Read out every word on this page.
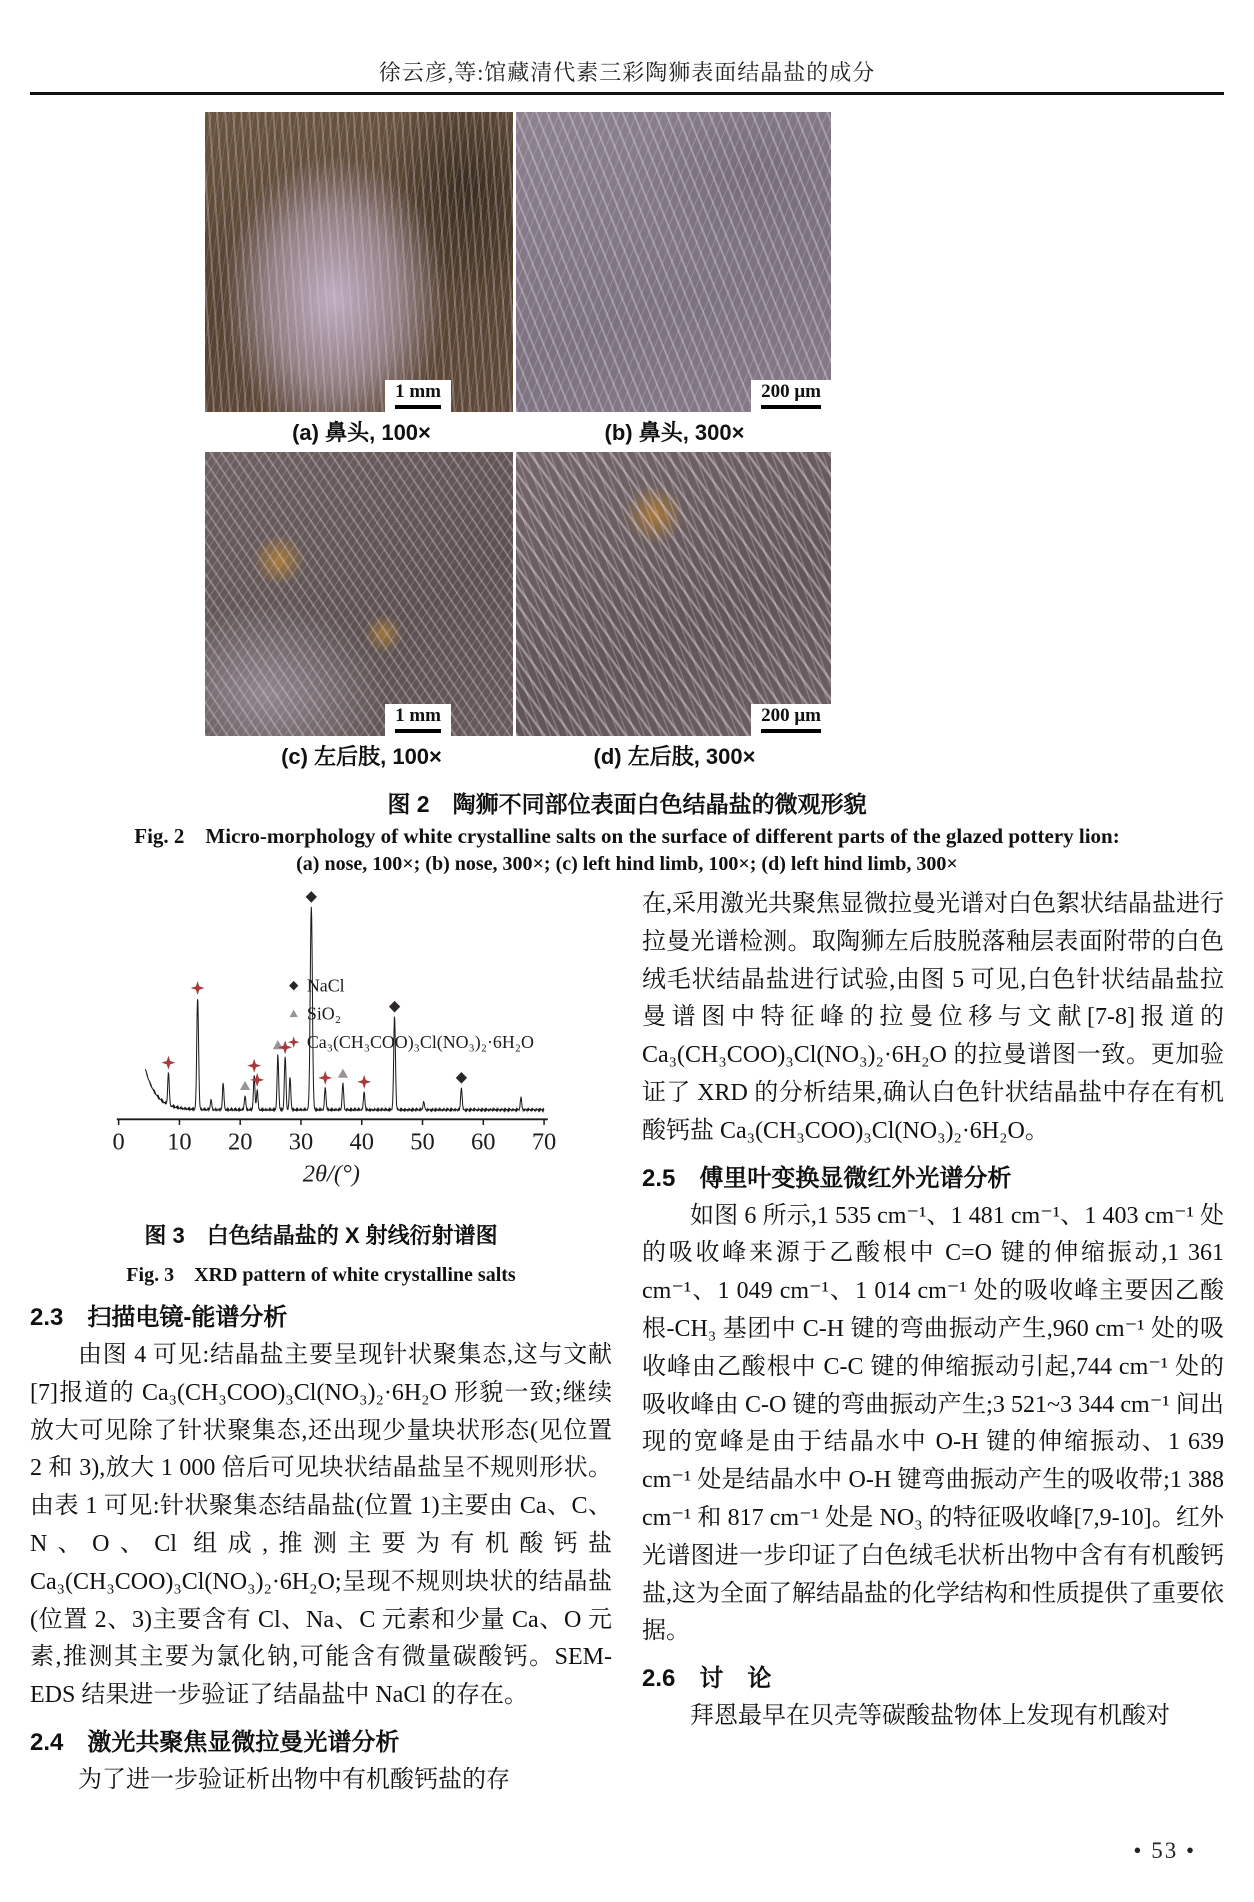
徐云彦,等:馆藏清代素三彩陶狮表面结晶盐的成分
1 mm	200 μm
(a) 鼻头, 100×	(b) 鼻头, 300×
1 mm	200 μm
(c) 左后肢, 100×	(d) 左后肢, 300×
图 2　陶狮不同部位表面白色结晶盐的微观形貌
Fig. 2　Micro-morphology of white crystalline salts on the surface of different parts of the glazed pottery lion:
(a) nose, 100×; (b) nose, 300×; (c) left hind limb, 100×; (d) left hind limb, 300×
0 10 20 30 40 50 60 70
2θ/(°)
NaCl
SiO₂
Ca₃(CH₃COO)₃Cl(NO₃)₂·6H₂O
图 3　白色结晶盐的 X 射线衍射谱图
Fig. 3　XRD pattern of white crystalline salts
2.3　扫描电镜-能谱分析

由图 4 可见:结晶盐主要呈现针状聚集态,这与文献[7]报道的 Ca₃(CH₃COO)₃Cl(NO₃)₂·6H₂O 形貌一致;继续放大可见除了针状聚集态,还出现少量块状形态(见位置 2 和 3),放大 1 000 倍后可见块状结晶盐呈不规则形状。由表 1 可见:针状聚集态结晶盐(位置 1)主要由 Ca、C、N、O、Cl 组成,推测主要为有机酸钙盐 Ca₃(CH₃COO)₃Cl(NO₃)₂·6H₂O;呈现不规则块状的结晶盐(位置 2、3)主要含有 Cl、Na、C 元素和少量 Ca、O 元素,推测其主要为氯化钠,可能含有微量碳酸钙。SEM-EDS 结果进一步验证了结晶盐中 NaCl 的存在。

2.4　激光共聚焦显微拉曼光谱分析

为了进一步验证析出物中有机酸钙盐的存

在,采用激光共聚焦显微拉曼光谱对白色絮状结晶盐进行拉曼光谱检测。取陶狮左后肢脱落釉层表面附带的白色绒毛状结晶盐进行试验,由图 5 可见,白色针状结晶盐拉曼谱图中特征峰的拉曼位移与文献[7-8]报道的 Ca₃(CH₃COO)₃Cl(NO₃)₂·6H₂O 的拉曼谱图一致。更加验证了 XRD 的分析结果,确认白色针状结晶盐中存在有机酸钙盐 Ca₃(CH₃COO)₃Cl(NO₃)₂·6H₂O。

2.5　傅里叶变换显微红外光谱分析

如图 6 所示,1 535 cm⁻¹、1 481 cm⁻¹、1 403 cm⁻¹ 处的吸收峰来源于乙酸根中 C=O 键的伸缩振动,1 361 cm⁻¹、1 049 cm⁻¹、1 014 cm⁻¹ 处的吸收峰主要因乙酸根-CH₃ 基团中 C-H 键的弯曲振动产生,960 cm⁻¹ 处的吸收峰由乙酸根中 C-C 键的伸缩振动引起,744 cm⁻¹ 处的吸收峰由 C-O 键的弯曲振动产生;3 521~3 344 cm⁻¹ 间出现的宽峰是由于结晶水中 O-H 键的伸缩振动、1 639 cm⁻¹ 处是结晶水中 O-H 键弯曲振动产生的吸收带;1 388 cm⁻¹ 和 817 cm⁻¹ 处是 NO₃ 的特征吸收峰[7,9-10]。红外光谱图进一步印证了白色绒毛状析出物中含有有机酸钙盐,这为全面了解结晶盐的化学结构和性质提供了重要依据。

2.6　讨　论

拜恩最早在贝壳等碳酸盐物体上发现有机酸对

• 53 •
